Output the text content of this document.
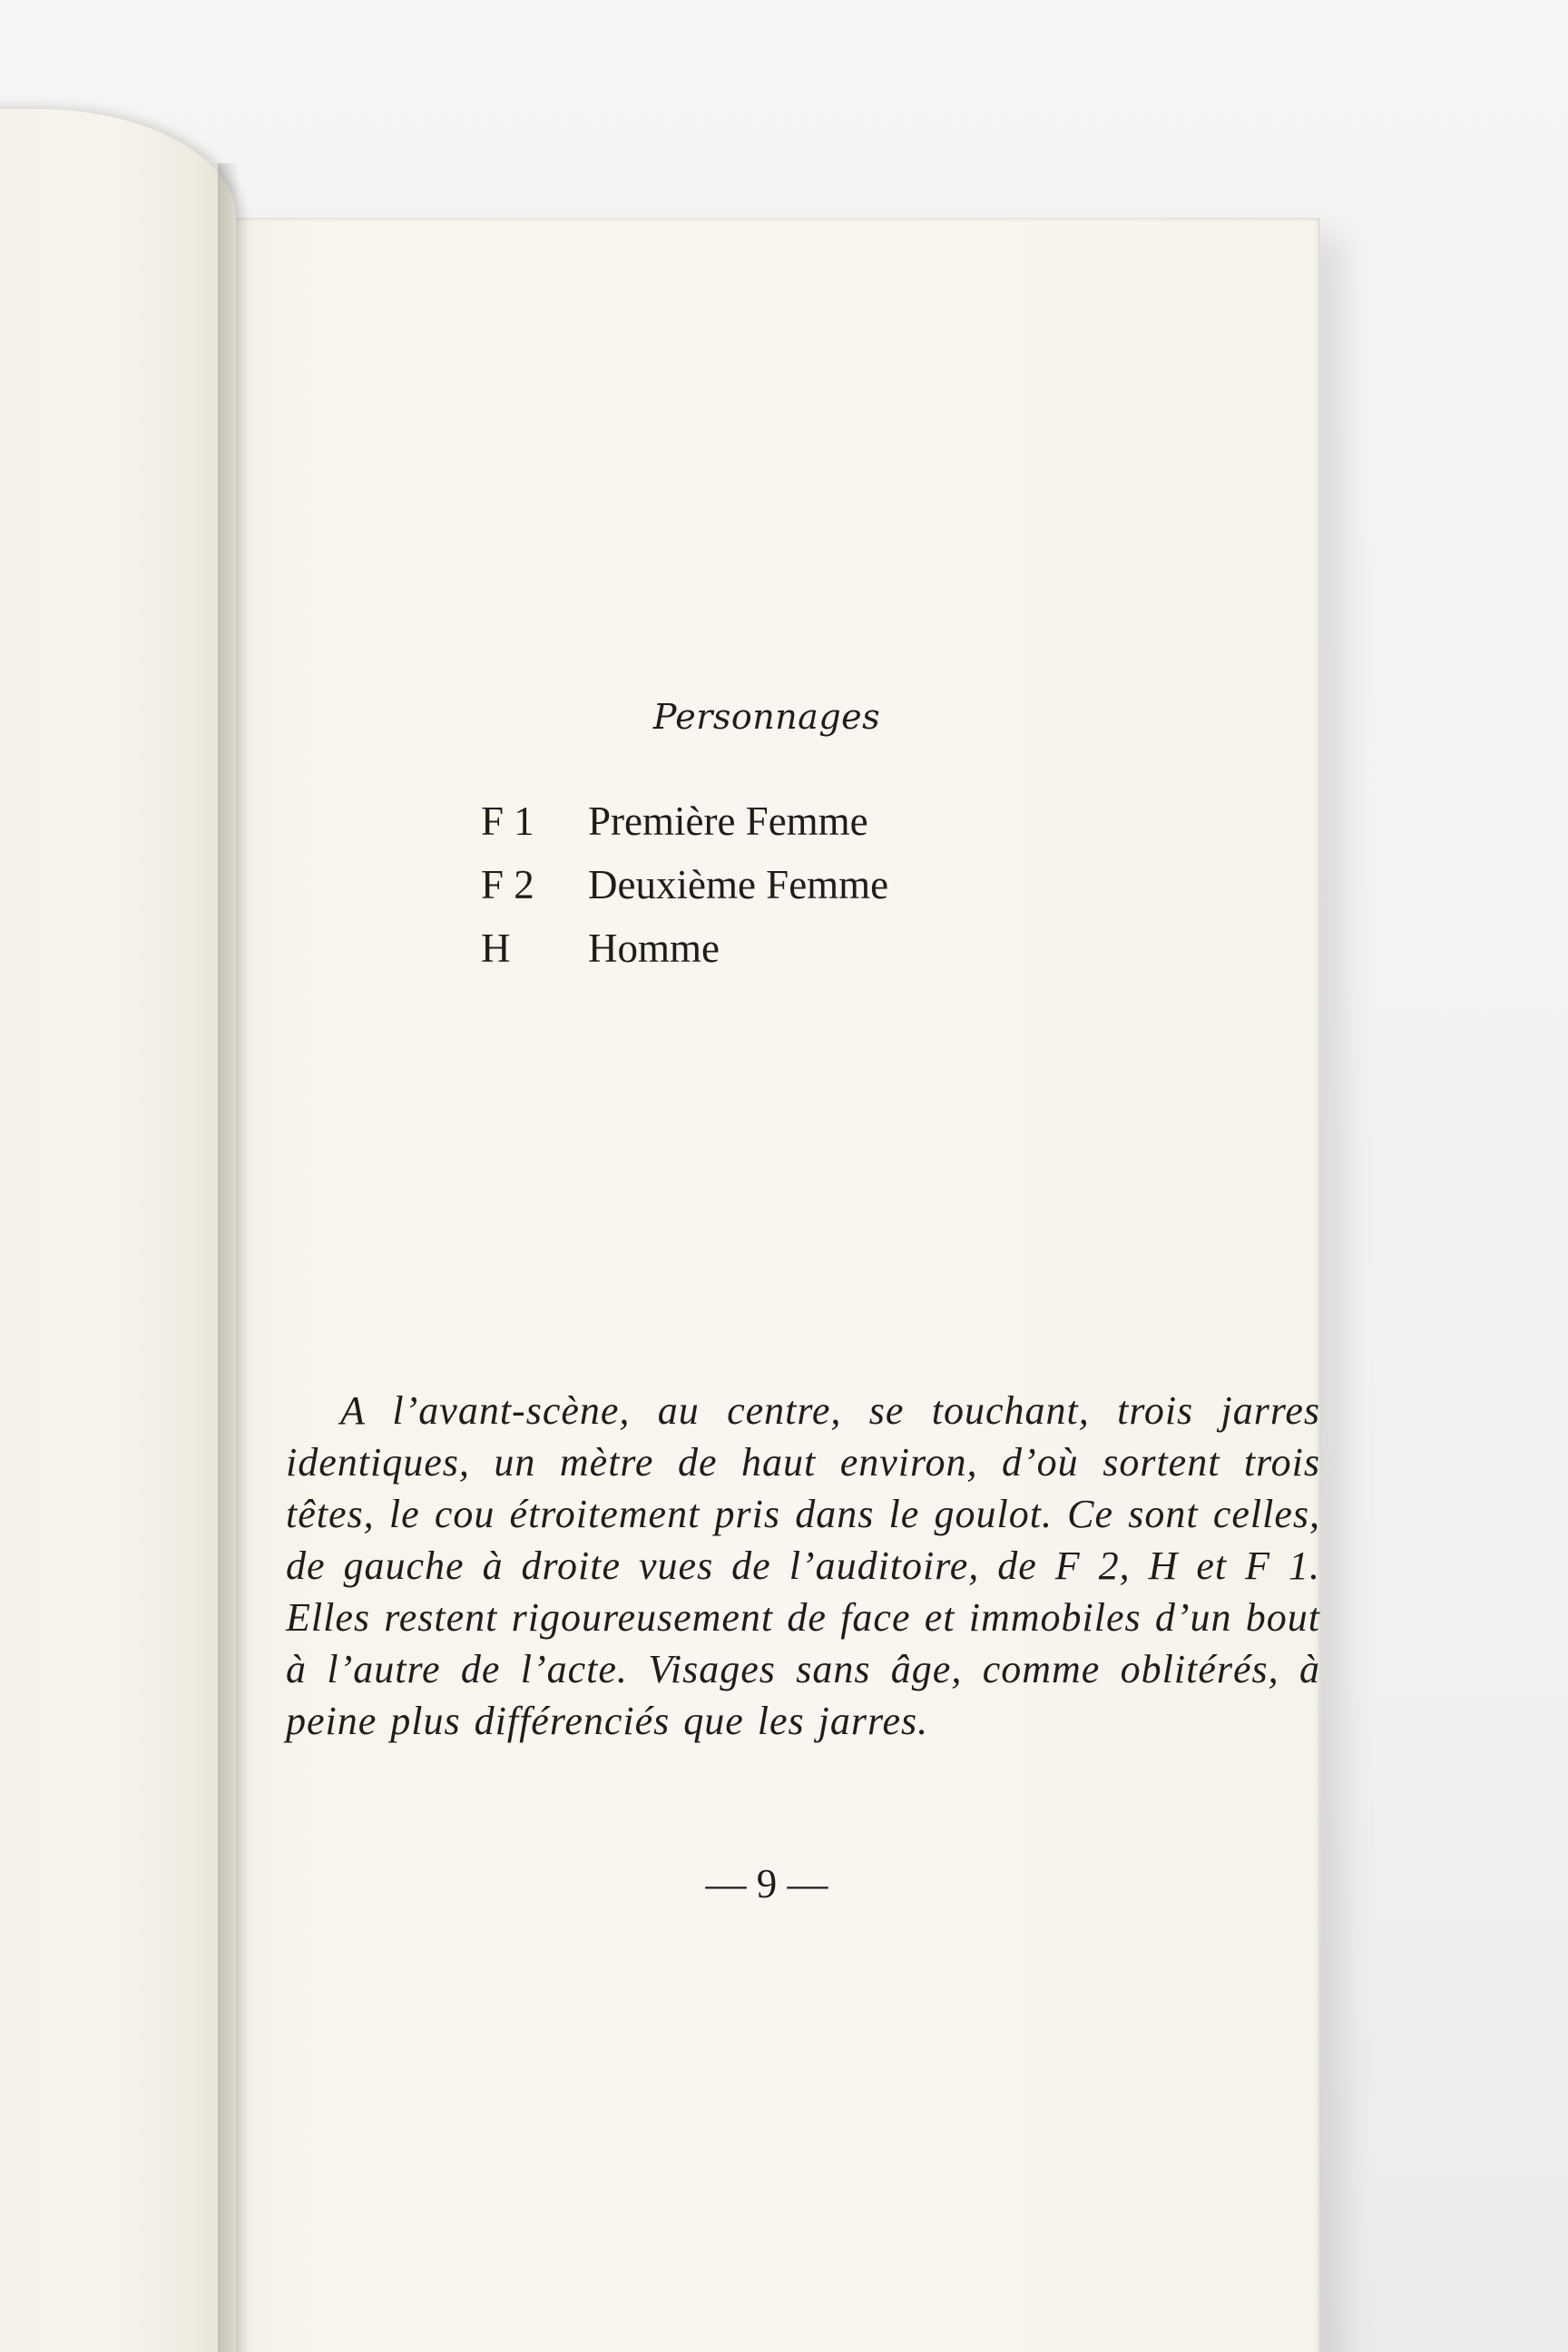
Personnages
F 1	Première Femme
F 2	Deuxième Femme
H	Homme

A l’avant-scène, au centre, se touchant, trois jarres identiques, un mètre de haut environ, d’où sortent trois têtes, le cou étroitement pris dans le goulot. Ce sont celles, de gauche à droite vues de l’auditoire, de F 2, H et F 1. Elles restent rigoureusement de face et immobiles d’un bout à l’autre de l’acte. Visages sans âge, comme oblitérés, à peine plus différenciés que les jarres.

— 9 —
